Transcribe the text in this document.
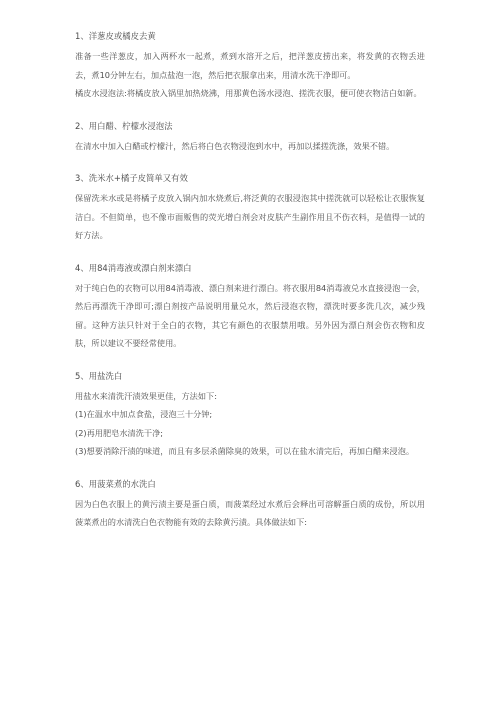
1、洋葱皮或橘皮去黄

准备一些洋葱皮，加入两杯水一起煮，煮到水溶开之后，把洋葱皮捞出来，将发黄的衣物丢进去，煮10分钟左右，加点盐泡一泡，然后把衣服拿出来，用清水洗干净即可。

橘皮水浸泡法:将橘皮放入锅里加热烧沸，用那黄色汤水浸泡、搓洗衣服，便可使衣物洁白如新。

2、用白醋、柠檬水浸泡法

在清水中加入白醋或柠檬汁，然后将白色衣物浸泡到水中，再加以揉搓洗涤，效果不错。

3、洗米水+橘子皮简单又有效

保留洗米水或是将橘子皮放入锅内加水烧煮后,将泛黄的衣服浸泡其中搓洗就可以轻松让衣服恢复洁白。不但简单，也不像市面贩售的荧光增白剂会对皮肤产生副作用且不伤衣料，是值得一试的好方法。

4、用84消毒液或漂白剂来漂白

对于纯白色的衣物可以用84消毒液、漂白剂来进行漂白。将衣服用84消毒液兑水直接浸泡一会，然后再漂洗干净即可;漂白剂按产品说明用量兑水，然后浸泡衣物，漂洗时要多洗几次，减少残留。这种方法只针对于全白的衣物，其它有颜色的衣服禁用哦。另外因为漂白剂会伤衣物和皮肤，所以建议不要经常使用。

5、用盐洗白

用盐水来清洗汗渍效果更佳，方法如下:

(1)在温水中加点食盐，浸泡三十分钟;

(2)再用肥皂水清洗干净;

(3)想要消除汗渍的味道，而且有多层杀菌除臭的效果，可以在盐水清完后，再加白醋来浸泡。

6、用菠菜煮的水洗白

因为白色衣服上的黄污渍主要是蛋白质，而菠菜经过水煮后会释出可溶解蛋白质的成份，所以用菠菜煮出的水清洗白色衣物能有效的去除黄污渍。具体做法如下:
